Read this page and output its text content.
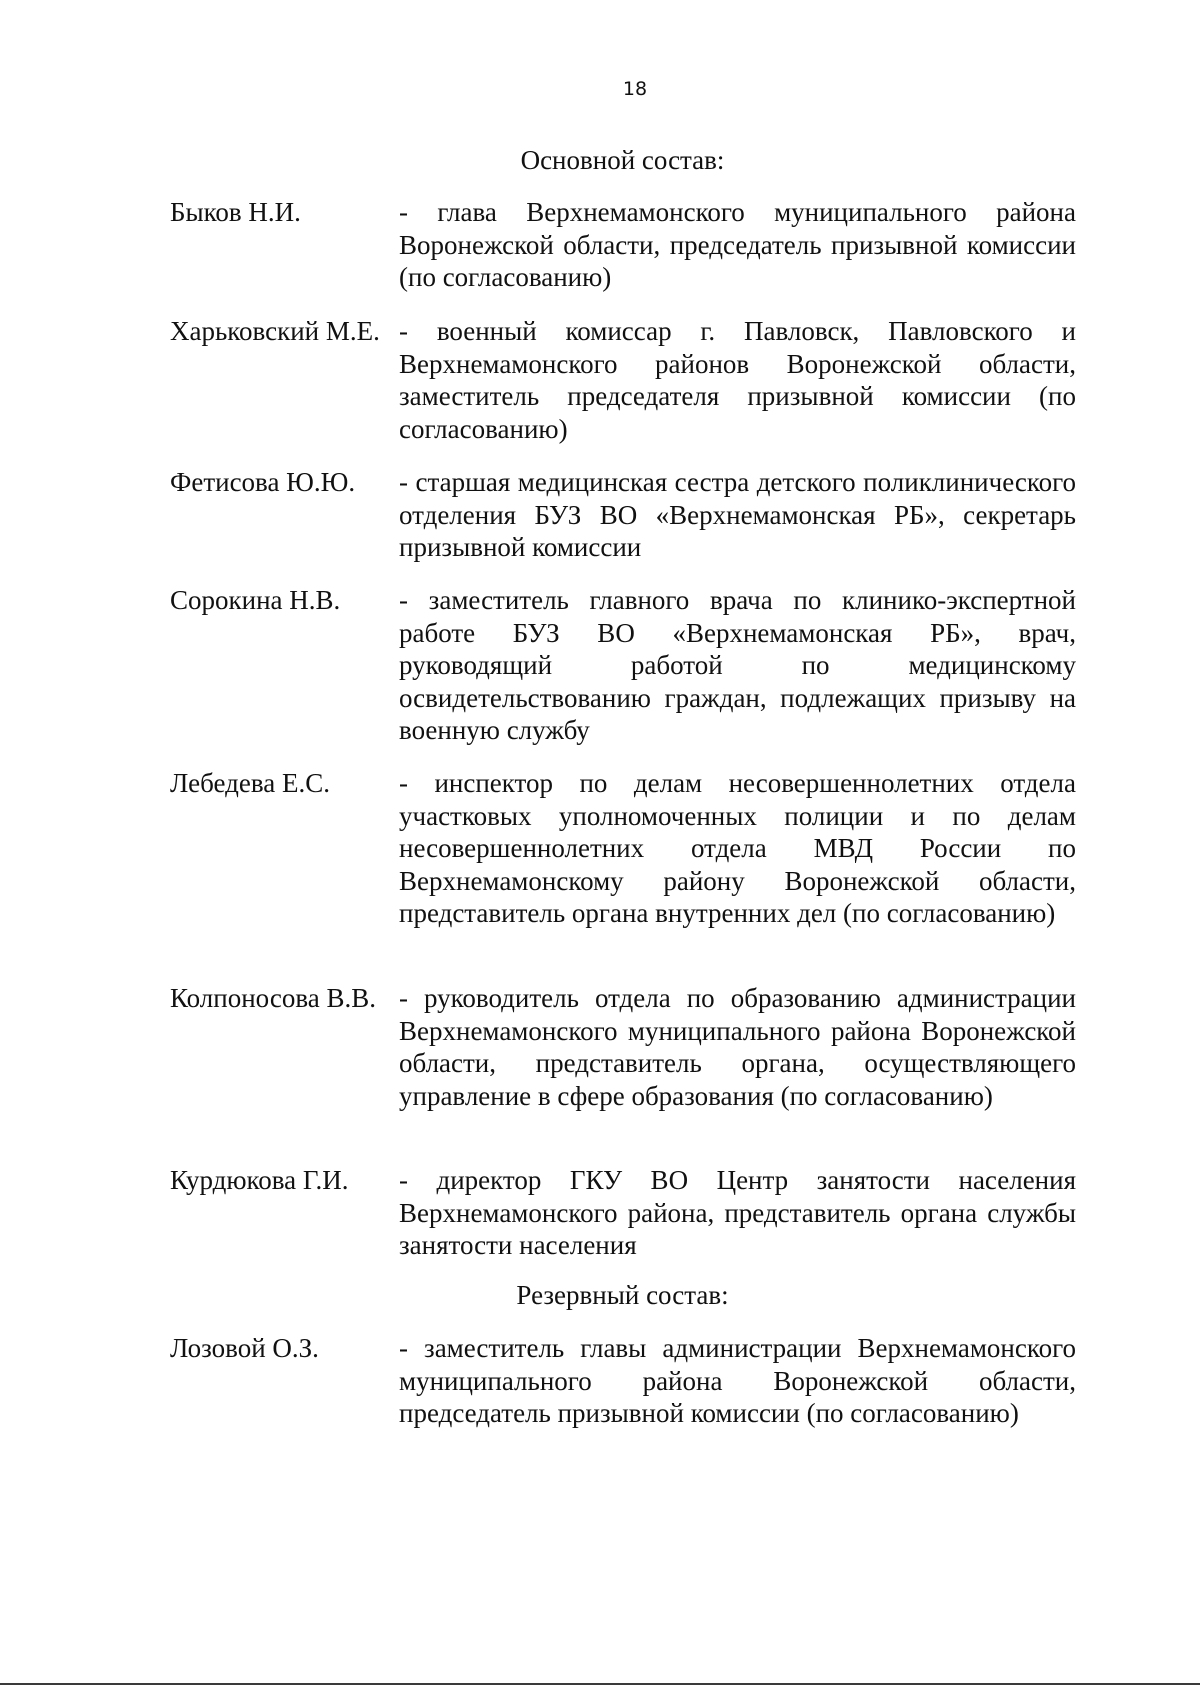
18
Основной состав:
Быков Н.И.	- глава Верхнемамонского муниципального района Воронежской области, председатель призывной комиссии (по согласованию)
Харьковский М.Е. - военный комиссар г. Павловск, Павловского и Верхнемамонского районов Воронежской области, заместитель председателя призывной комиссии (по согласованию)
Фетисова Ю.Ю. - старшая медицинская сестра детского поликлинического отделения БУЗ ВО «Верхнемамонская РБ», секретарь призывной комиссии
Сорокина Н.В. - заместитель главного врача по клинико-экспертной работе БУЗ ВО «Верхнемамонская РБ», врач, руководящий работой по медицинскому освидетельствованию граждан, подлежащих призыву на военную службу
Лебедева Е.С.	- инспектор по делам несовершеннолетних отдела участковых уполномоченных полиции и по делам несовершеннолетних отдела МВД России по Верхнемамонскому району Воронежской области, представитель органа внутренних дел (по согласованию)
Колпоносова В.В. - руководитель отдела по образованию администрации Верхнемамонского муниципального района Воронежской области, представитель органа, осуществляющего управление в сфере образования (по согласованию)
Курдюкова Г.И. - директор ГКУ ВО Центр занятости населения Верхнемамонского района, представитель органа службы занятости населения
Резервный состав:
Лозовой О.З.	- заместитель главы администрации Верхнемамонского муниципального района Воронежской области, председатель призывной комиссии (по согласованию)
